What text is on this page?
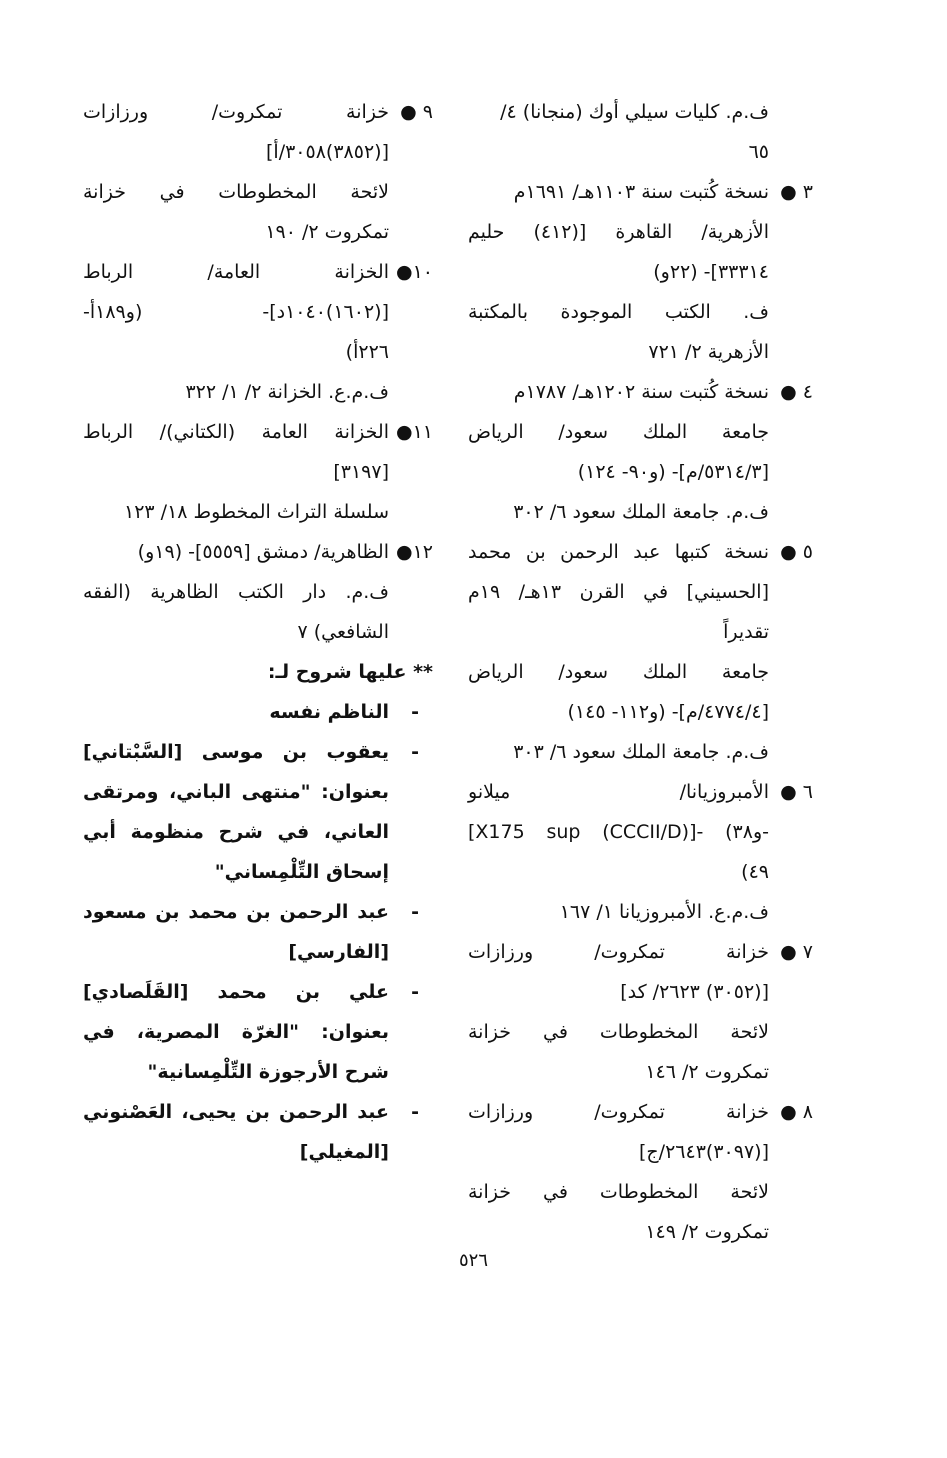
ف.م. كليات سيلي أوك (منجانا) ٤/
٦٥
٣ ●
نسخة كُتبت سنة ١١٠٣هـ/ ١٦٩١م
الأزهرية/ القاهرة [(٤١٢) حليم
٣٣٣١٤]- (٢٢و)
ف. الكتب الموجودة بالمكتبة
الأزهرية ٢/ ٧٢١
٤ ●
نسخة كُتبت سنة ١٢٠٢هـ/ ١٧٨٧م
جامعة الملك سعود/ الرياض
[٥٣١٤/٣/م]- (و٩٠- ١٢٤)
ف.م. جامعة الملك سعود ٦/ ٣٠٢
٥ ●
نسخة كتبها عبد الرحمن بن محمد
[الحسيني] في القرن ١٣هـ/ ١٩م
تقديراً
جامعة الملك سعود/ الرياض
[٤٧٧٤/٤/م]- (و١١٢- ١٤٥)
ف.م. جامعة الملك سعود ٦/ ٣٠٣
٦ ●
الأمبروزيانا/ ميلانو
[X175 sup (CCCII/D)]- (و٣٨-
٤٩)
ف.م.ع. الأمبروزيانا ١/ ١٦٧
٧ ●
خزانة تمكروت/ ورزازات
[(٣٠٥٢) ٢٦٢٣/ كد]
لائحة المخطوطات في خزانة
تمكروت ٢/ ١٤٦
٨ ●
خزانة تمكروت/ ورزازات
[(٣٠٩٧)٢٦٤٣/ج]
لائحة المخطوطات في خزانة
تمكروت ٢/ ١٤٩
٩ ●
خزانة تمكروت/ ورزازات
[(٣٨٥٢)٣٠٥٨/أ]
لائحة المخطوطات في خزانة
تمكروت ٢/ ١٩٠
١٠●
الخزانة العامة/ الرباط
[(١٦٠٢)١٠٤٠د]- (و١٨٩أ-
٢٢٦أ)
ف.م.ع. الخزانة ٢/ ١/ ٣٢٢
١١●
الخزانة العامة (الكتاني)/ الرباط
[٣١٩٧]
سلسلة التراث المخطوط ١٨/ ١٢٣
١٢●
الظاهرية/ دمشق [٥٥٥٩]- (١٩و)
ف.م. دار الكتب الظاهرية (الفقه
الشافعي) ٧
** عليها شروح لـ:
-
الناظم نفسه
-
يعقوب بن موسى [السَّبْتاني]
بعنوان: "منتهى الباني، ومرتقى
العاني، في شرح منظومة أبي
إسحاق التِّلْمِساني"
-
عبد الرحمن بن محمد بن مسعود
[الفارسي]
-
علي بن محمد [القَلَصادي]
بعنوان: "الغرّة المصرية، في
شرح الأرجوزة التِّلْمِسانية"
-
عبد الرحمن بن يحيى، العَصْنوني
[المغيلي]
٥٢٦
